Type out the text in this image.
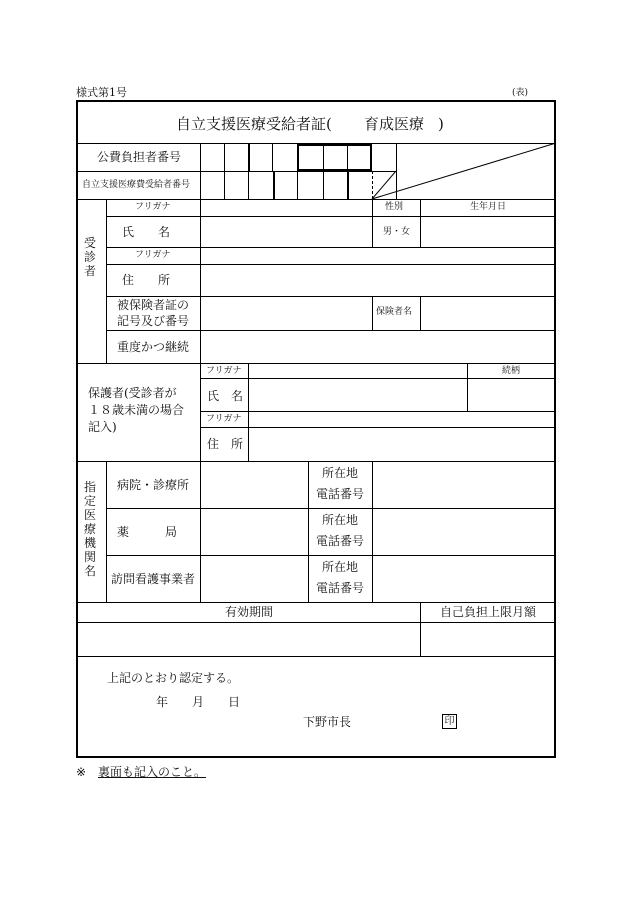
様式第1号	(表)
自立支援医療受給者証( 育成医療 )
公費負担者番号
自立支援医療費受給者番号
受診者
フリガナ	性別	生年月日
氏　　名	男・女
フリガナ
住　　所
被保険者証の
記号及び番号
保険者名
重度かつ継続
保護者(受診者が
１８歳未満の場合
記入)
フリガナ	続柄
氏　名
フリガナ
住　所
指定医療機関名
病院・診療所
所在地
電話番号
薬　　　局
所在地
電話番号
訪問看護事業者
所在地
電話番号
有効期間	自己負担上限月額
上記のとおり認定する。
年 月 日
下野市長	印
※ 裏面も記入のこと。
